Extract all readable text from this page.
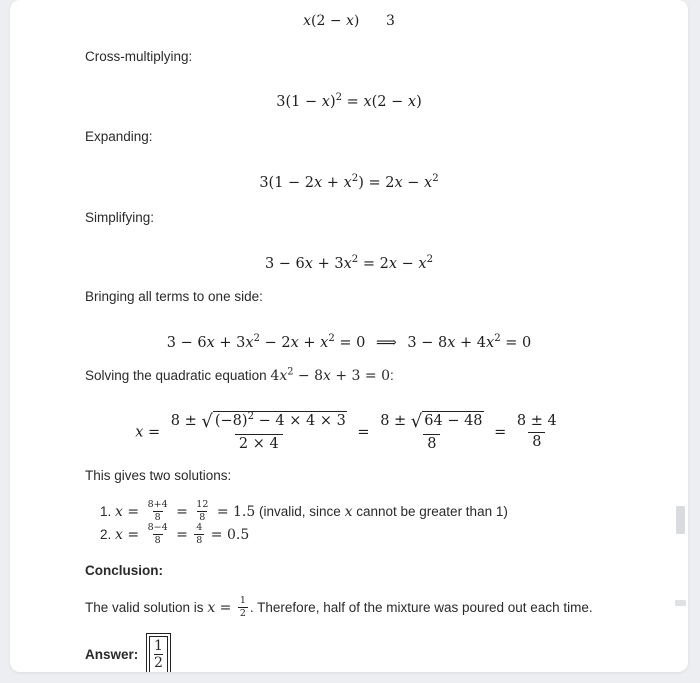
x(2 − x) 3
Cross-multiplying:
$3(1 - x)^2 = x(2 - x)$
Expanding:
$3(1 - 2x + x^2) = 2x - x^2$
Simplifying:
$3 - 6x + 3x^2 = 2x - x^2$
Bringing all terms to one side:
$3 - 6x + 3x^2 - 2x + x^2 = 0$ ⟹ $3 - 8x + 4x^2 = 0$
Solving the quadratic equation $4x^2 - 8x + 3 = 0$:
$x = \frac{8 \pm √ (-8)^2 - 4 \times 4 \times 3}{2 \times 4} = \frac{8 \pm √ 64 - 48}{8} = \frac{8 \pm 4}{8}$
This gives two solutions:
1. $x = \frac{8+4}{8} = \frac{12}{8} = 1.5$ (invalid, since x cannot be greater than 1)
2. $x = \frac{8-4}{8} = \frac{4}{8} = 0.5$
Conclusion:
The valid solution is $x = \frac{1}{2}$ . Therefore, half of the mixture was poured out each time.
Answer:
1
2
